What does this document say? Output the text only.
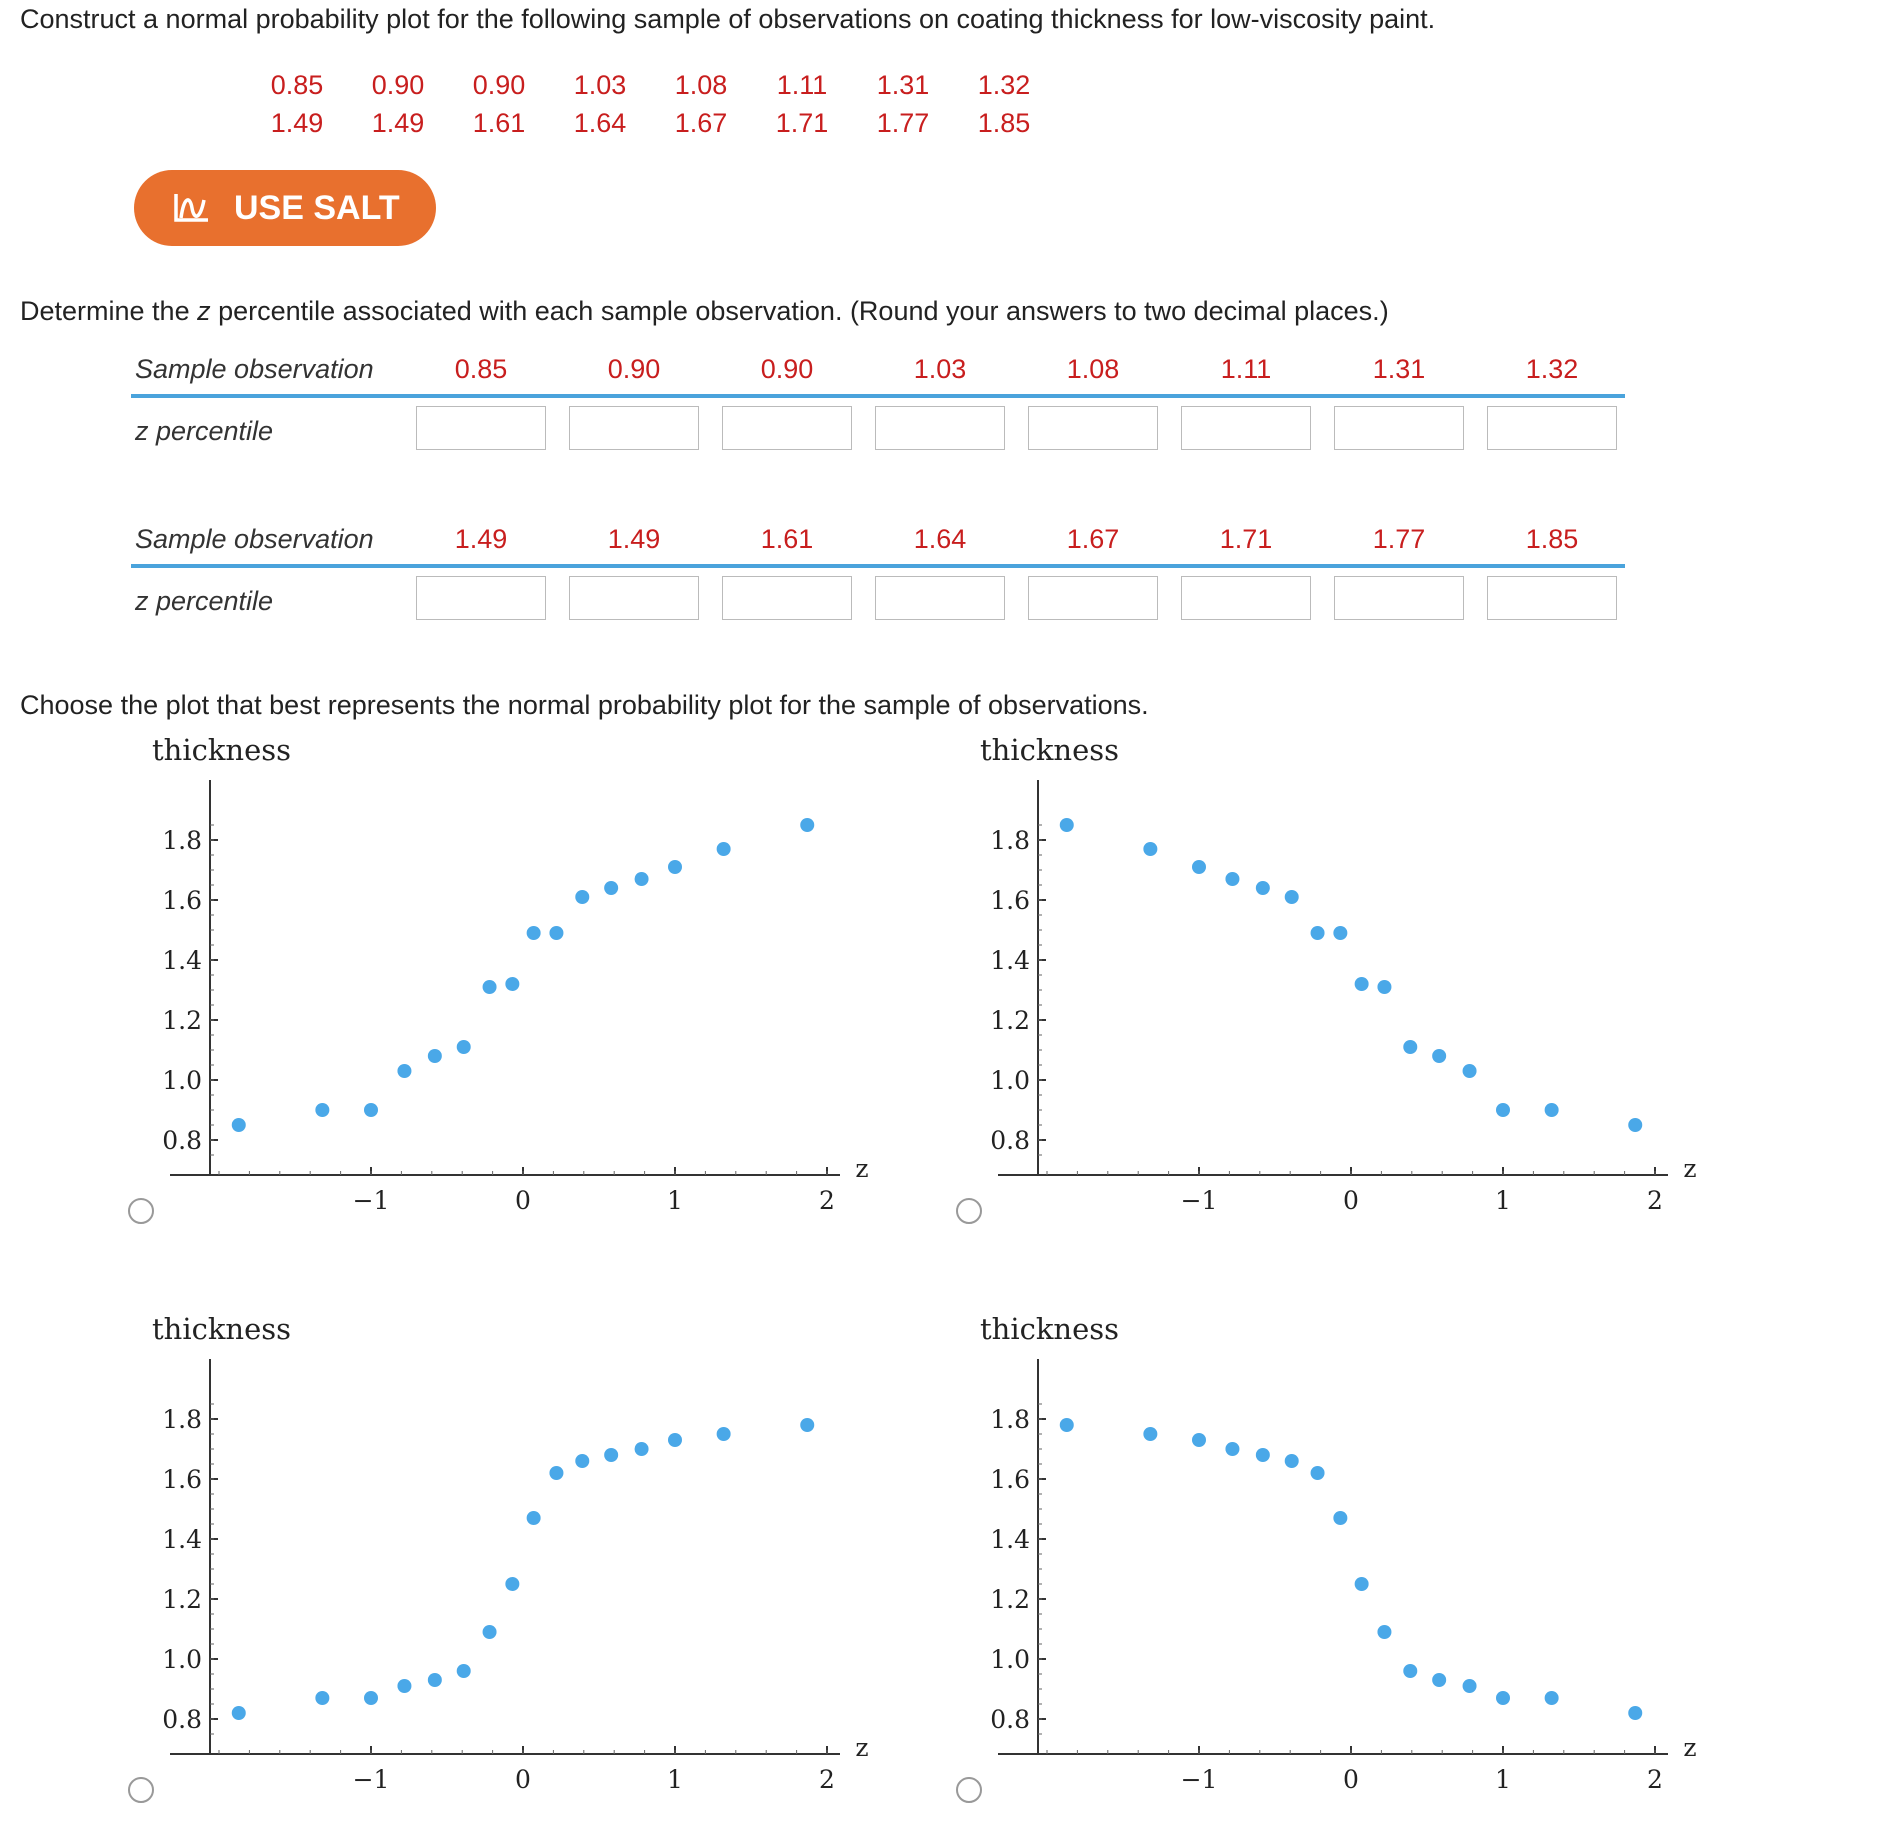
Construct a normal probability plot for the following sample of observations on coating thickness for low-viscosity paint.

0.85	0.90	0.90	1.03	1.08	1.11	1.31	1.32
1.49	1.49	1.61	1.64	1.67	1.71	1.77	1.85
USE SALT

Determine the z percentile associated with each sample observation. (Round your answers to two decimal places.)

Sample observation	0.85	0.90	0.90	1.03	1.08	1.11	1.31	1.32
z percentile
Sample observation	1.49	1.49	1.61	1.64	1.67	1.71	1.77	1.85
z percentile

Choose the plot that best represents the normal probability plot for the sample of observations.

thickness
1.8
1.6
1.4
1.2
1.0
0.8
−1	0	1	2
z
thickness
1.8
1.6
1.4
1.2
1.0
0.8
−1	0	1	2
z
thickness
1.8
1.6
1.4
1.2
1.0
0.8
−1	0	1	2
z
thickness
1.8
1.6
1.4
1.2
1.0
0.8
−1	0	1	2
z
